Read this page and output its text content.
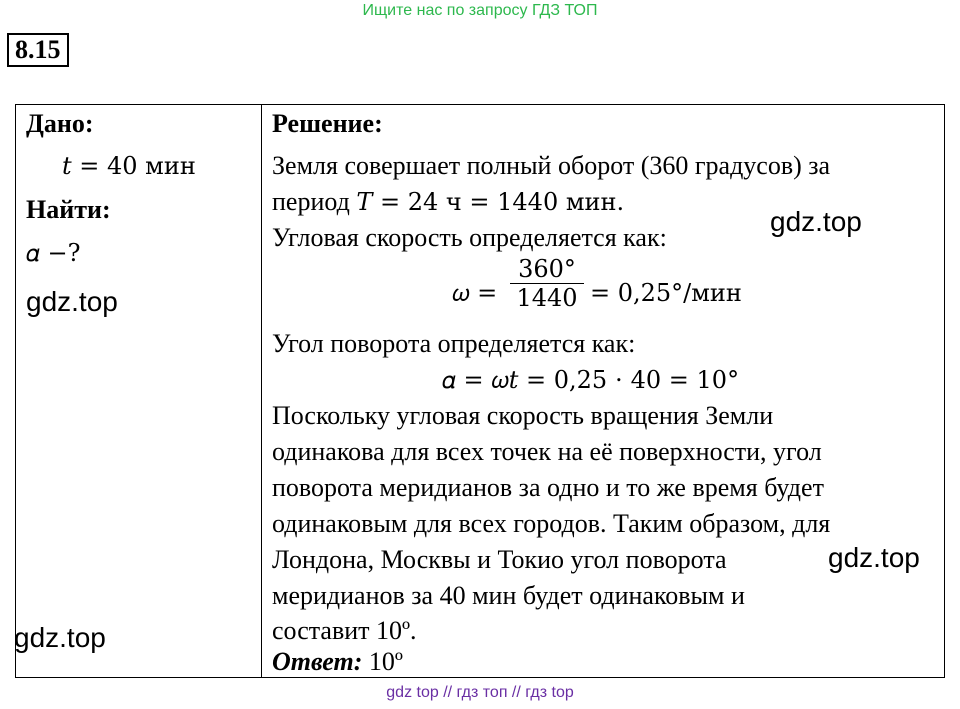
Ищите нас по запросу ГДЗ ТОП
8.15
Дано:
𝑡 = 40 мин
Найти:
𝛼 −?
Решение:
Земля совершает полный оборот (360 градусов) за
период 𝑇 = 24 ч = 1440 мин.
Угловая скорость определяется как:
𝜔 = $\frac{360^\circ}{1440} = 0,25^\circ/мин$
Угол поворота определяется как:
𝛼 = 𝜔𝑡 = 0,25 ⋅ 40 = 10°
Поскольку угловая скорость вращения Земли
одинакова для всех точек на её поверхности, угол
поворота меридианов за одно и то же время будет
одинаковым для всех городов. Таким образом, для
Лондона, Москвы и Токио угол поворота
меридианов за 40 мин будет одинаковым и
составит 10º.
Ответ: 10º
gdz.top
gdz.top
gdz.top
gdz.top
gdz top // гдз топ // гдз top
